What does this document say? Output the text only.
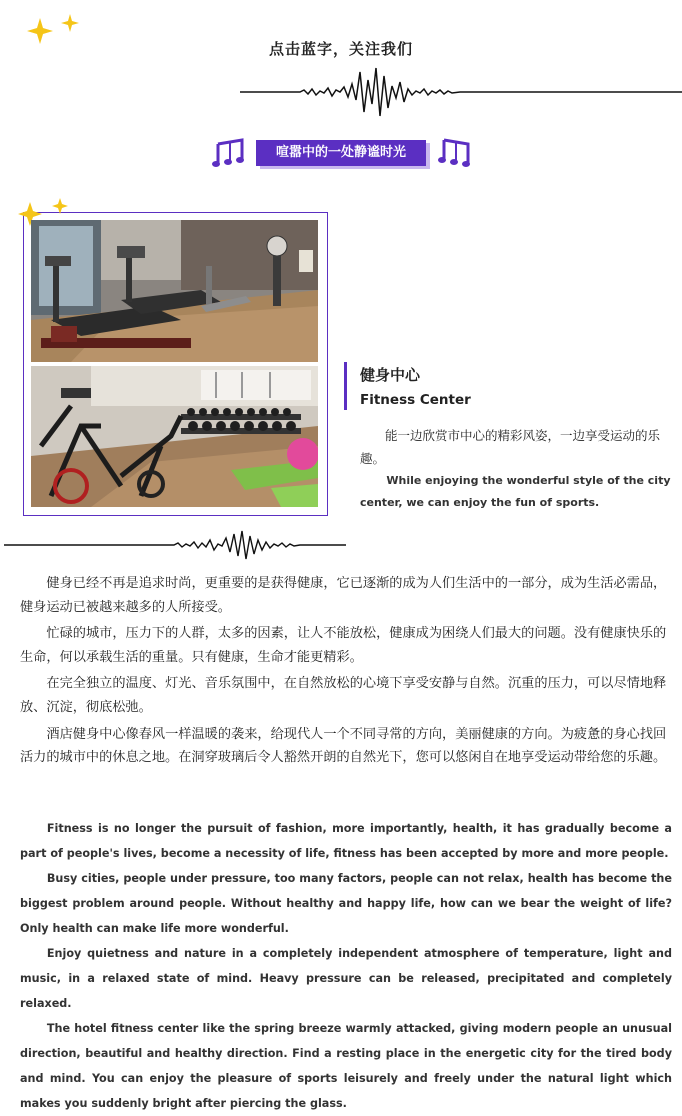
点击蓝字，关注我们
喧嚣中的一处静谧时光
健身中心
Fitness Center
能一边欣赏市中心的精彩风姿，一边享受运动的乐趣。
While enjoying the wonderful style of the city center, we can enjoy the fun of sports.

健身已经不再是追求时尚，更重要的是获得健康，它已逐渐的成为人们生活中的一部分，成为生活必需品，健身运动已被越来越多的人所接受。

忙碌的城市，压力下的人群，太多的因素，让人不能放松，健康成为困绕人们最大的问题。没有健康快乐的生命，何以承载生活的重量。只有健康，生命才能更精彩。

在完全独立的温度、灯光、音乐氛围中，在自然放松的心境下享受安静与自然。沉重的压力，可以尽情地释放、沉淀，彻底松弛。

酒店健身中心像春风一样温暖的袭来，给现代人一个不同寻常的方向，美丽健康的方向。为疲惫的身心找回活力的城市中的休息之地。在洞穿玻璃后令人豁然开朗的自然光下，您可以悠闲自在地享受运动带给您的乐趣。

Fitness is no longer the pursuit of fashion, more importantly, health, it has gradually become a part of people's lives, become a necessity of life, fitness has been accepted by more and more people.

Busy cities, people under pressure, too many factors, people can not relax, health has become the biggest problem around people. Without healthy and happy life, how can we bear the weight of life? Only health can make life more wonderful.

Enjoy quietness and nature in a completely independent atmosphere of temperature, light and music, in a relaxed state of mind. Heavy pressure can be released, precipitated and completely relaxed.

The hotel fitness center like the spring breeze warmly attacked, giving modern people an unusual direction, beautiful and healthy direction. Find a resting place in the energetic city for the tired body and mind. You can enjoy the pleasure of sports leisurely and freely under the natural light which makes you suddenly bright after piercing the glass.
